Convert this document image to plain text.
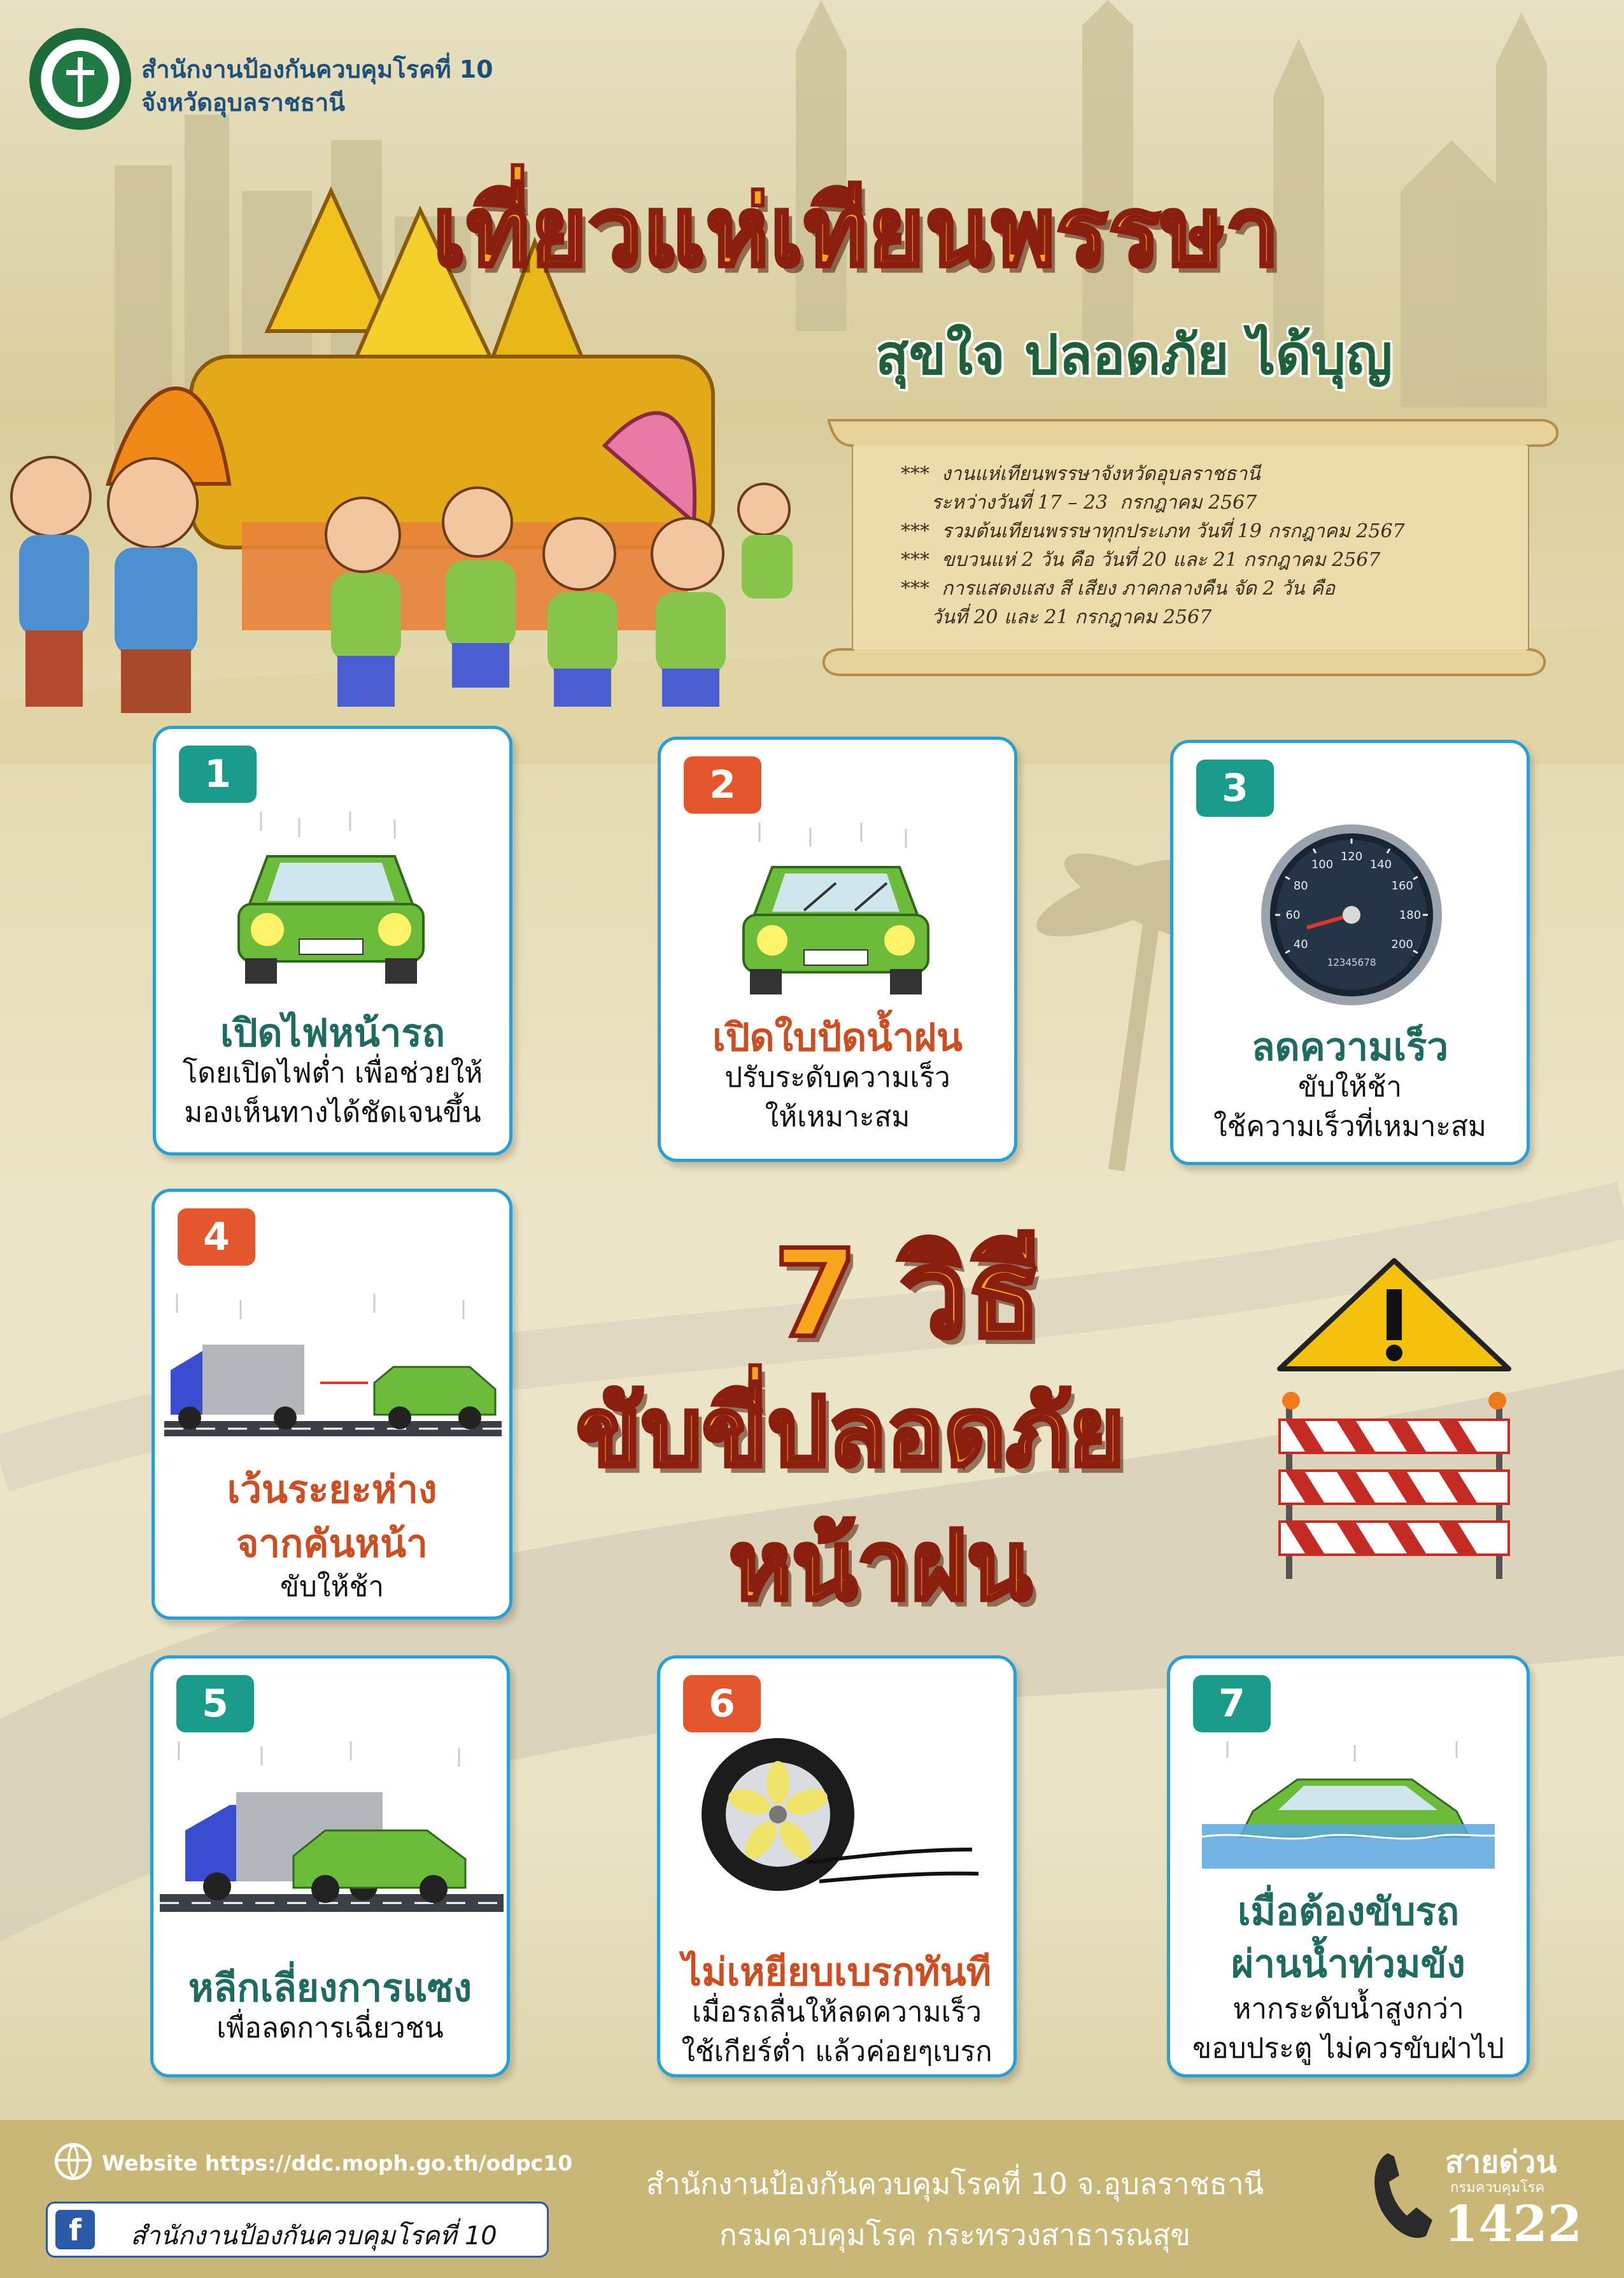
สำนักงานป้องกันควบคุมโรคที่ 10
จังหวัดอุบลราชธานี
เที่ยวแห่เทียนพรรษา
สุขใจ ปลอดภัย ได้บุญ
***  งานแห่เทียนพรรษาจังหวัดอุบลราชธานี
ระหว่างวันที่ 17 – 23  กรกฎาคม 2567
***  รวมต้นเทียนพรรษาทุกประเภท วันที่ 19 กรกฎาคม 2567
***  ขบวนแห่ 2 วัน คือ วันที่ 20 และ 21 กรกฎาคม 2567
***  การแสดงแสง สี เสียง ภาคกลางคืน จัด 2 วัน คือ
วันที่ 20 และ 21 กรกฎาคม 2567
1
เปิดไฟหน้ารถ
โดยเปิดไฟต่ำ เพื่อช่วยให้
มองเห็นทางได้ชัดเจนขึ้น
2
เปิดใบปัดน้ำฝน
ปรับระดับความเร็ว
ให้เหมาะสม
3
40
60
80
100
120
140
160
180
200
12345678
ลดความเร็ว
ขับให้ช้า
ใช้ความเร็วที่เหมาะสม
4
เว้นระยะห่าง
จากคันหน้า
ขับให้ช้า
7 วิธี
ขับขี่ปลอดภัย
หน้าฝน
5
หลีกเลี่ยงการแซง
เพื่อลดการเฉี่ยวชน
6
ไม่เหยียบเบรกทันที
เมื่อรถลื่นให้ลดความเร็ว
ใช้เกียร์ต่ำ แล้วค่อยๆเบรก
7
เมื่อต้องขับรถ
ผ่านน้ำท่วมขัง
หากระดับน้ำสูงกว่า
ขอบประตู ไม่ควรขับฝ่าไป
Website https://ddc.moph.go.th/odpc10
f	สำนักงานป้องกันควบคุมโรคที่ 10
สำนักงานป้องกันควบคุมโรคที่ 10 จ.อุบลราชธานี
กรมควบคุมโรค กระทรวงสาธารณสุข
สายด่วน
กรมควบคุมโรค
1422
